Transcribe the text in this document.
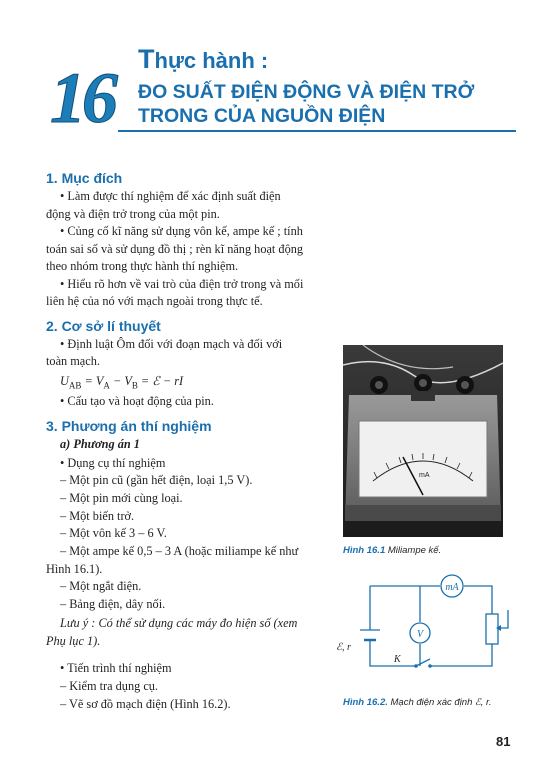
16 Thực hành :
ĐO SUẤT ĐIỆN ĐỘNG VÀ ĐIỆN TRỞ
TRONG CỦA NGUỒN ĐIỆN
1. Mục đích
• Làm được thí nghiệm để xác định suất điện
động và điện trở trong của một pin.
• Củng cố kĩ năng sử dụng vôn kế, ampe kế ; tính
toán sai số và sử dụng đồ thị ; rèn kĩ năng hoạt động
theo nhóm trong thực hành thí nghiệm.
• Hiểu rõ hơn về vai trò của điện trở trong và mối
liên hệ của nó với mạch ngoài trong thực tế.
2. Cơ sở lí thuyết
• Định luật Ôm đối với đoạn mạch và đối với
toàn mạch.
$U_{AB} = V_A - V_B$ = ℰ − rI
• Cấu tạo và hoạt động của pin.
3. Phương án thí nghiệm
a) Phương án 1
• Dụng cụ thí nghiệm
– Một pin cũ (gần hết điện, loại 1,5 V).
– Một pin mới cùng loại.
– Một biến trở.
– Một vôn kế 3 – 6 V.
– Một ampe kế 0,5 – 3 A (hoặc miliampe kế như
Hình 16.1).
– Một ngắt điện.
– Bảng điện, dây nối.
Lưu ý : Có thể sử dụng các máy đo hiện số (xem
Phụ lục 1).
• Tiến trình thí nghiệm
– Kiểm tra dụng cụ.
– Vẽ sơ đồ mạch điện (Hình 16.2).
mA
Hình 16.1 Miliampe kế.
mA
V
ℰ, r
K
Hình 16.2. Mạch điện xác định ℰ, r.
81
